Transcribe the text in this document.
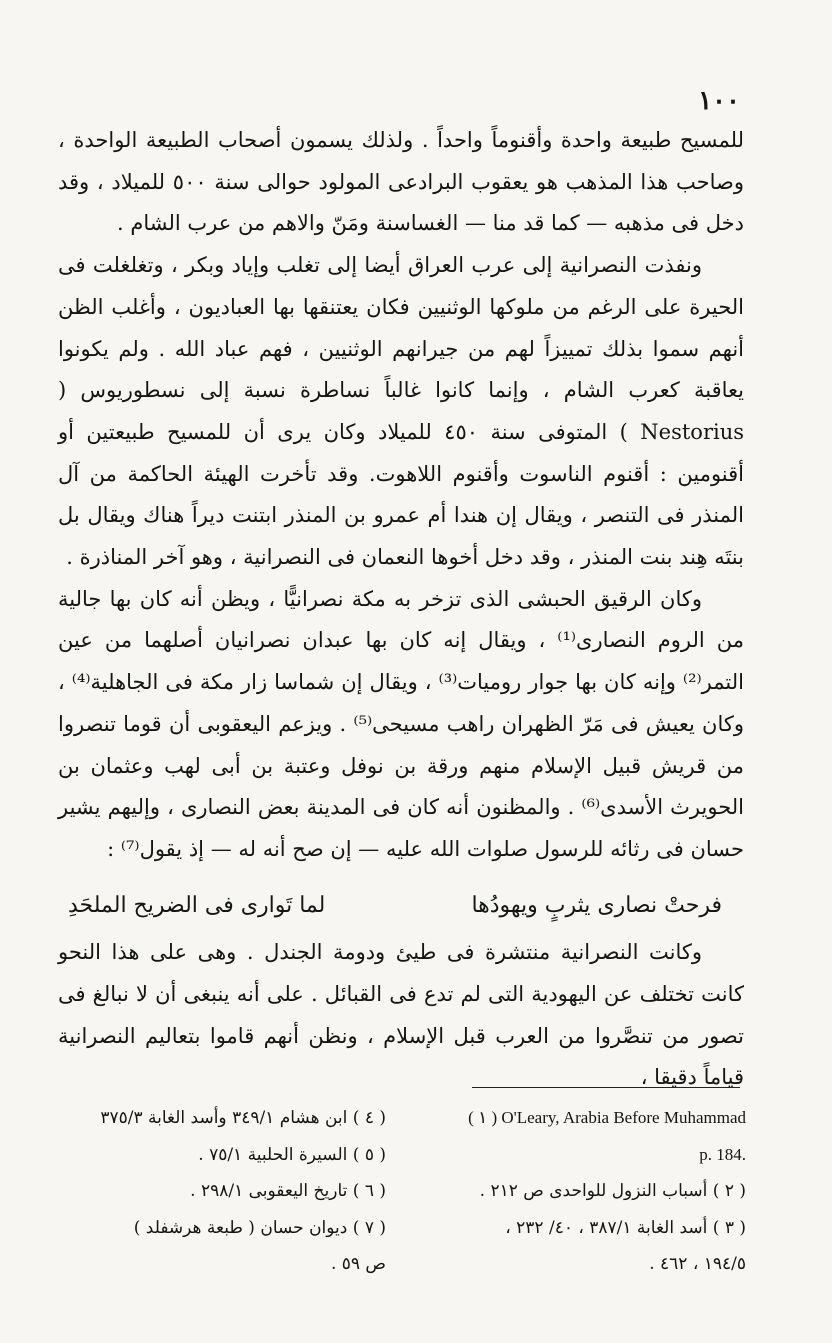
١٠٠

للمسيح طبيعة واحدة وأقنوماً واحداً . ولذلك يسمون أصحاب الطبيعة الواحدة ، وصاحب هذا المذهب هو يعقوب البرادعى المولود حوالى سنة ٥٠٠ للميلاد ، وقد دخل فى مذهبه — كما قد منا — الغساسنة ومَنّ والاهم من عرب الشام .

ونفذت النصرانية إلى عرب العراق أيضا إلى تغلب وإياد وبكر ، وتغلغلت فى الحيرة على الرغم من ملوكها الوثنيين فكان يعتنقها بها العباديون ، وأغلب الظن أنهم سموا بذلك تمييزاً لهم من جيرانهم الوثنيين ، فهم عباد الله . ولم يكونوا يعاقبة كعرب الشام ، وإنما كانوا غالباً نساطرة نسبة إلى نسطوريوس ( Nestorius ) المتوفى سنة ٤٥٠ للميلاد وكان يرى أن للمسيح طبيعتين أو أقنومين : أقنوم الناسوت وأقنوم اللاهوت. وقد تأخرت الهيئة الحاكمة من آل المنذر فى التنصر ، ويقال إن هندا أم عمرو بن المنذر ابتنت ديراً هناك ويقال بل بنتَه هِند بنت المنذر ، وقد دخل أخوها النعمان فى النصرانية ، وهو آخر المناذرة .

وكان الرقيق الحبشى الذى تزخر به مكة نصرانيًّا ، ويظن أنه كان بها جالية من الروم النصارى⁽¹⁾ ، ويقال إنه كان بها عبدان نصرانيان أصلهما من عين التمر⁽²⁾ وإنه كان بها جوار روميات⁽³⁾ ، ويقال إن شماسا زار مكة فى الجاهلية⁽⁴⁾ ، وكان يعيش فى مَرّ الظهران راهب مسيحى⁽⁵⁾ . ويزعم اليعقوبى أن قوما تنصروا من قريش قبيل الإسلام منهم ورقة بن نوفل وعتبة بن أبى لهب وعثمان بن الحويرث الأسدى⁽⁶⁾ . والمظنون أنه كان فى المدينة بعض النصارى ، وإليهم يشير حسان فى رثائه للرسول صلوات الله عليه — إن صح أنه له — إذ يقول⁽⁷⁾ :

فرحتْ نصارى يثربٍ ويهودُها
لما تَوارى فى الضريح الملحَدِ

وكانت النصرانية منتشرة فى طيئ ودومة الجندل . وهى على هذا النحو كانت تختلف عن اليهودية التى لم تدع فى القبائل . على أنه ينبغى أن لا نبالغ فى تصور من تنصَّروا من العرب قبل الإسلام ، ونظن أنهم قاموا بتعاليم النصرانية قياماً دقيقا ،

( ١ ) O'Leary, Arabia Before Muhammad
p. 184.
( ٢ ) أسباب النزول للواحدى ص ٢١٢ .
( ٣ ) أسد الغابة ٣٨٧/١ ، ٤٠/ ٢٣٢ ،
١٩٤/٥ ، ٤٦٢ .
( ٤ ) ابن هشام ٣٤٩/١ وأسد الغابة ٣٧٥/٣
( ٥ ) السيرة الحلبية ٧٥/١ .
( ٦ ) تاريخ اليعقوبى ٢٩٨/١ .
( ٧ ) ديوان حسان ( طبعة هرشفلد )
ص ٥٩ .
